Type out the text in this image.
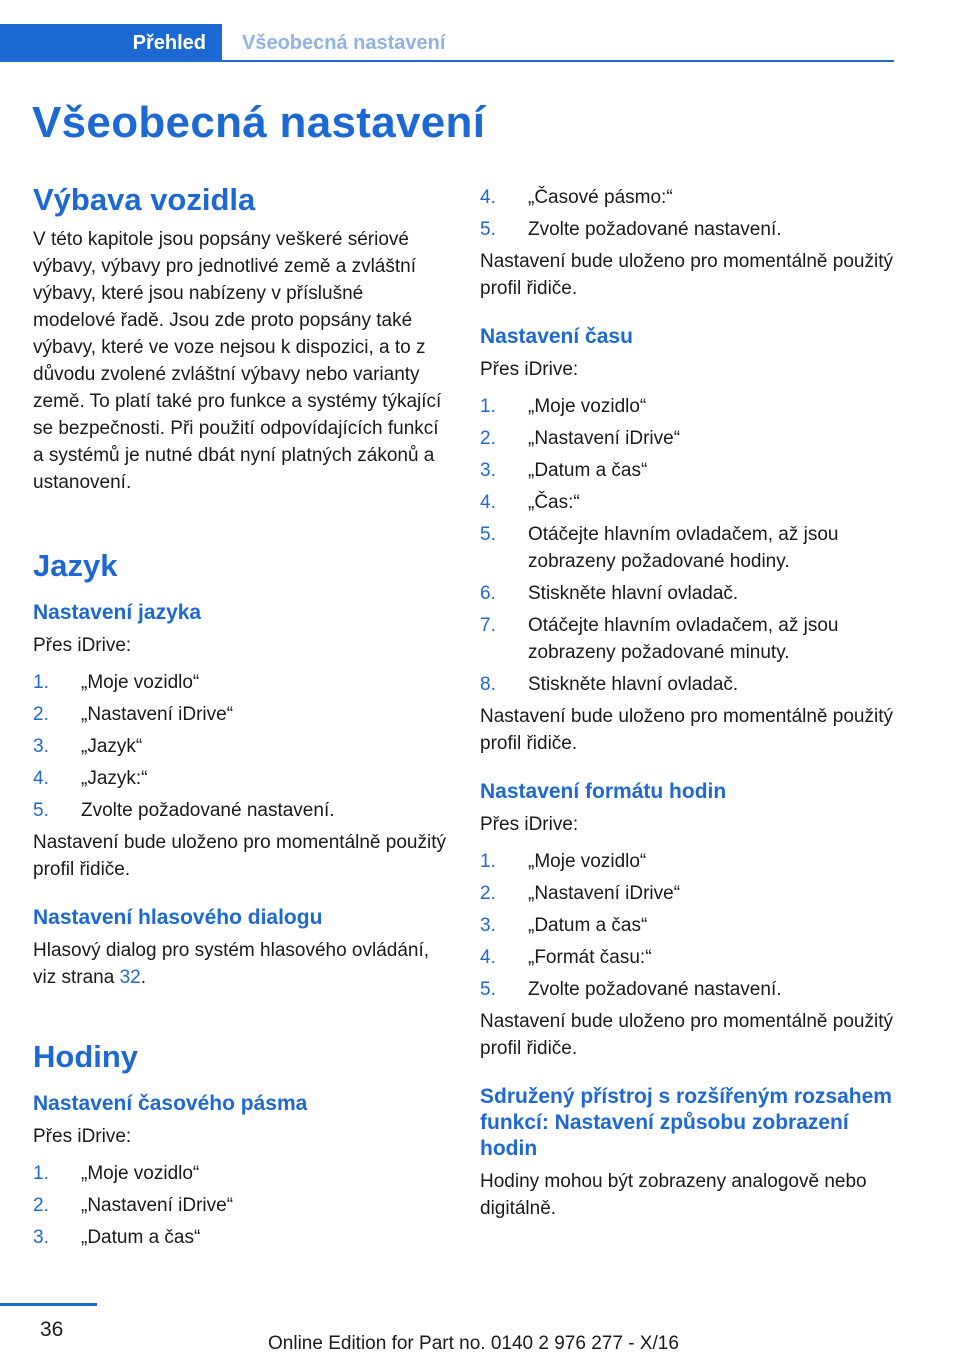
Přehled Všeobecná nastavení
Všeobecná nastavení
Výbava vozidla

V této kapitole jsou popsány veškeré sériové výbavy, výbavy pro jednotlivé země a zvláštní výbavy, které jsou nabízeny v příslušné modelové řadě. Jsou zde proto popsány také výbavy, které ve voze nejsou k dispozici, a to z důvodu zvolené zvláštní výbavy nebo varianty země. To platí také pro funkce a systémy týkající se bezpečnosti. Při použití odpovídajících funkcí a systémů je nutné dbát nyní platných zákonů a ustanovení.

Jazyk
Nastavení jazyka

Přes iDrive:

1. „Moje vozidlo“
2. „Nastavení iDrive“
3. „Jazyk“
4. „Jazyk:“
5. Zvolte požadované nastavení.

Nastavení bude uloženo pro momentálně použitý profil řidiče.

Nastavení hlasového dialogu

Hlasový dialog pro systém hlasového ovládání, viz strana 32.

Hodiny
Nastavení časového pásma

Přes iDrive:

1. „Moje vozidlo“
2. „Nastavení iDrive“
3. „Datum a čas“
4. „Časové pásmo:“
5. Zvolte požadované nastavení.

Nastavení bude uloženo pro momentálně použitý profil řidiče.

Nastavení času

Přes iDrive:

1. „Moje vozidlo“
2. „Nastavení iDrive“
3. „Datum a čas“
4. „Čas:“
5. Otáčejte hlavním ovladačem, až jsou zobrazeny požadované hodiny.
6. Stiskněte hlavní ovladač.
7. Otáčejte hlavním ovladačem, až jsou zobrazeny požadované minuty.
8. Stiskněte hlavní ovladač.

Nastavení bude uloženo pro momentálně použitý profil řidiče.

Nastavení formátu hodin

Přes iDrive:

1. „Moje vozidlo“
2. „Nastavení iDrive“
3. „Datum a čas“
4. „Formát času:“
5. Zvolte požadované nastavení.

Nastavení bude uloženo pro momentálně použitý profil řidiče.

Sdružený přístroj s rozšířeným rozsahem funkcí: Nastavení způsobu zobrazení hodin

Hodiny mohou být zobrazeny analogově nebo digitálně.

36
Online Edition for Part no. 0140 2 976 277 - X/16
